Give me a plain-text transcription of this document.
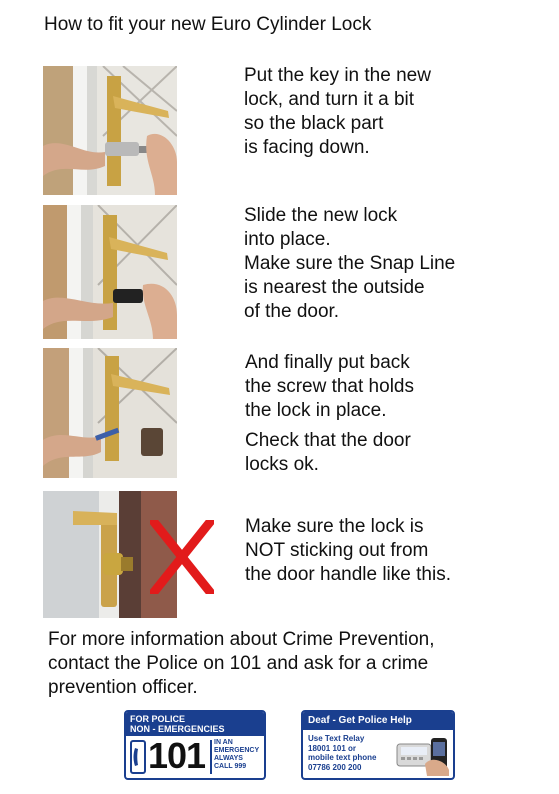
How to fit your new Euro Cylinder Lock
Put the key in the new
lock, and turn it a bit
so the black part
is facing down.
Slide the new lock
into place.
Make sure the Snap Line
is nearest the outside
of the door.
And finally put back
the screw that holds
the lock in place.
Check that the door
locks ok.
Make sure the lock is
NOT sticking out from
the door handle like this.
For more information about Crime Prevention,
contact the Police on 101 and ask for a crime
prevention officer.
FOR POLICE
NON - EMERGENCIES
101 IN AN
EMERGENCY
ALWAYS
CALL 999
Deaf - Get Police Help
Use Text Relay
18001 101 or
mobile text phone
07786 200 200
